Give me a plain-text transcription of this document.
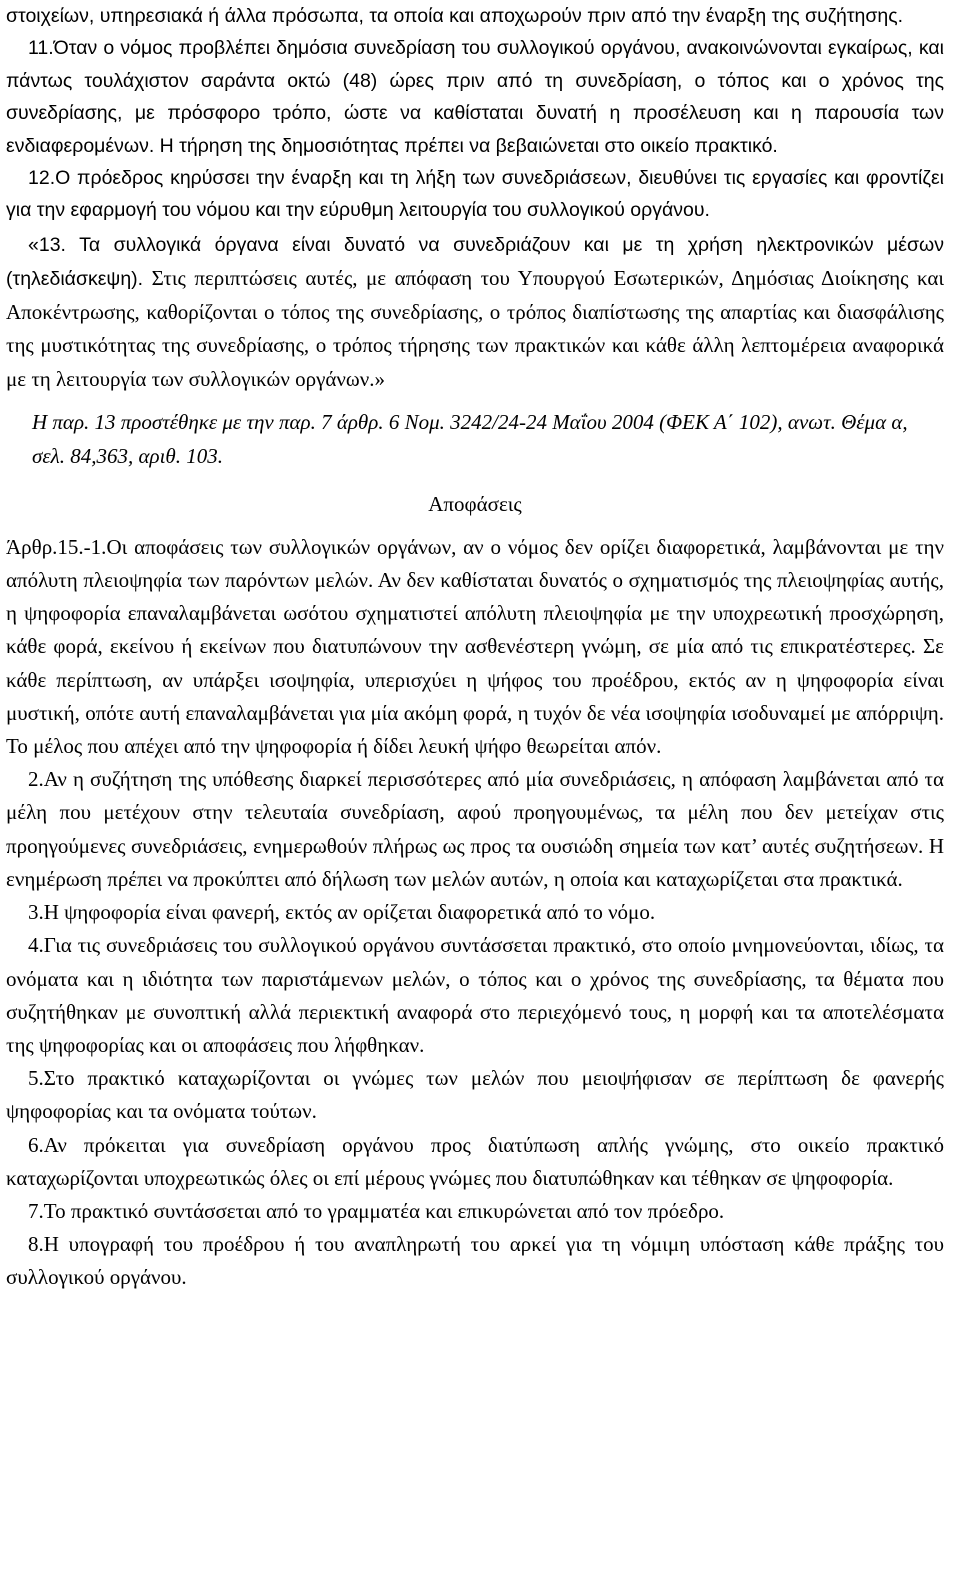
στοιχείων, υπηρεσιακά ή άλλα πρόσωπα, τα οποία και αποχωρούν πριν από την έναρξη της συζήτησης.

11.Όταν ο νόμος προβλέπει δημόσια συνεδρίαση του συλλογικού οργάνου, ανακοινώνονται εγκαίρως, και πάντως τουλάχιστον σαράντα οκτώ (48) ώρες πριν από τη συνεδρίαση, ο τόπος και ο χρόνος της συνεδρίασης, με πρόσφορο τρόπο, ώστε να καθίσταται δυνατή η προσέλευση και η παρουσία των ενδιαφερομένων. Η τήρηση της δημοσιότητας πρέπει να βεβαιώνεται στο οικείο πρακτικό.

12.Ο πρόεδρος κηρύσσει την έναρξη και τη λήξη των συνεδριάσεων, διευθύνει τις εργασίες και φροντίζει για την εφαρμογή του νόμου και την εύρυθμη λειτουργία του συλλογικού οργάνου.

«13. Τα συλλογικά όργανα είναι δυνατό να συνεδριάζουν και με τη χρήση ηλεκτρονικών μέσων (τηλεδιάσκεψη). Στις περιπτώσεις αυτές, με απόφαση του Υπουργού Εσωτερικών, Δημόσιας Διοίκησης και Αποκέντρωσης, καθορίζονται ο τόπος της συνεδρίασης, ο τρόπος διαπίστωσης της απαρτίας και διασφάλισης της μυστικότητας της συνεδρίασης, ο τρόπος τήρησης των πρακτικών και κάθε άλλη λεπτομέρεια αναφορικά με τη λειτουργία των συλλογικών οργάνων.»

Η παρ. 13 προστέθηκε με την παρ. 7 άρθρ. 6 Νομ. 3242/24-24 Μαΐου 2004 (ΦΕΚ Α΄ 102), ανωτ. Θέμα α, σελ. 84,363, αριθ. 103.

Αποφάσεις

Άρθρ.15.-1.Οι αποφάσεις των συλλογικών οργάνων, αν ο νόμος δεν ορίζει διαφορετικά, λαμβάνονται με την απόλυτη πλειοψηφία των παρόντων μελών. Αν δεν καθίσταται δυνατός ο σχηματισμός της πλειοψηφίας αυτής, η ψηφοφορία επαναλαμβάνεται ωσότου σχηματιστεί απόλυτη πλειοψηφία με την υποχρεωτική προσχώρηση, κάθε φορά, εκείνου ή εκείνων που διατυπώνουν την ασθενέστερη γνώμη, σε μία από τις επικρατέστερες. Σε κάθε περίπτωση, αν υπάρξει ισοψηφία, υπερισχύει η ψήφος του προέδρου, εκτός αν η ψηφοφορία είναι μυστική, οπότε αυτή επαναλαμβάνεται για μία ακόμη φορά, η τυχόν δε νέα ισοψηφία ισοδυναμεί με απόρριψη. Το μέλος που απέχει από την ψηφοφορία ή δίδει λευκή ψήφο θεωρείται απόν.

2.Αν η συζήτηση της υπόθεσης διαρκεί περισσότερες από μία συνεδριάσεις, η απόφαση λαμβάνεται από τα μέλη που μετέχουν στην τελευταία συνεδρίαση, αφού προηγουμένως, τα μέλη που δεν μετείχαν στις προηγούμενες συνεδριάσεις, ενημερωθούν πλήρως ως προς τα ουσιώδη σημεία των κατ’ αυτές συζητήσεων. Η ενημέρωση πρέπει να προκύπτει από δήλωση των μελών αυτών, η οποία και καταχωρίζεται στα πρακτικά.

3.Η ψηφοφορία είναι φανερή, εκτός αν ορίζεται διαφορετικά από το νόμο.

4.Για τις συνεδριάσεις του συλλογικού οργάνου συντάσσεται πρακτικό, στο οποίο μνημονεύονται, ιδίως, τα ονόματα και η ιδιότητα των παριστάμενων μελών, ο τόπος και ο χρόνος της συνεδρίασης, τα θέματα που συζητήθηκαν με συνοπτική αλλά περιεκτική αναφορά στο περιεχόμενό τους, η μορφή και τα αποτελέσματα της ψηφοφορίας και οι αποφάσεις που λήφθηκαν.

5.Στο πρακτικό καταχωρίζονται οι γνώμες των μελών που μειοψήφισαν σε περίπτωση δε φανερής ψηφοφορίας και τα ονόματα τούτων.

6.Αν πρόκειται για συνεδρίαση οργάνου προς διατύπωση απλής γνώμης, στο οικείο πρακτικό καταχωρίζονται υποχρεωτικώς όλες οι επί μέρους γνώμες που διατυπώθηκαν και τέθηκαν σε ψηφοφορία.

7.Το πρακτικό συντάσσεται από το γραμματέα και επικυρώνεται από τον πρόεδρο.

8.Η υπογραφή του προέδρου ή του αναπληρωτή του αρκεί για τη νόμιμη υπόσταση κάθε πράξης του συλλογικού οργάνου.
